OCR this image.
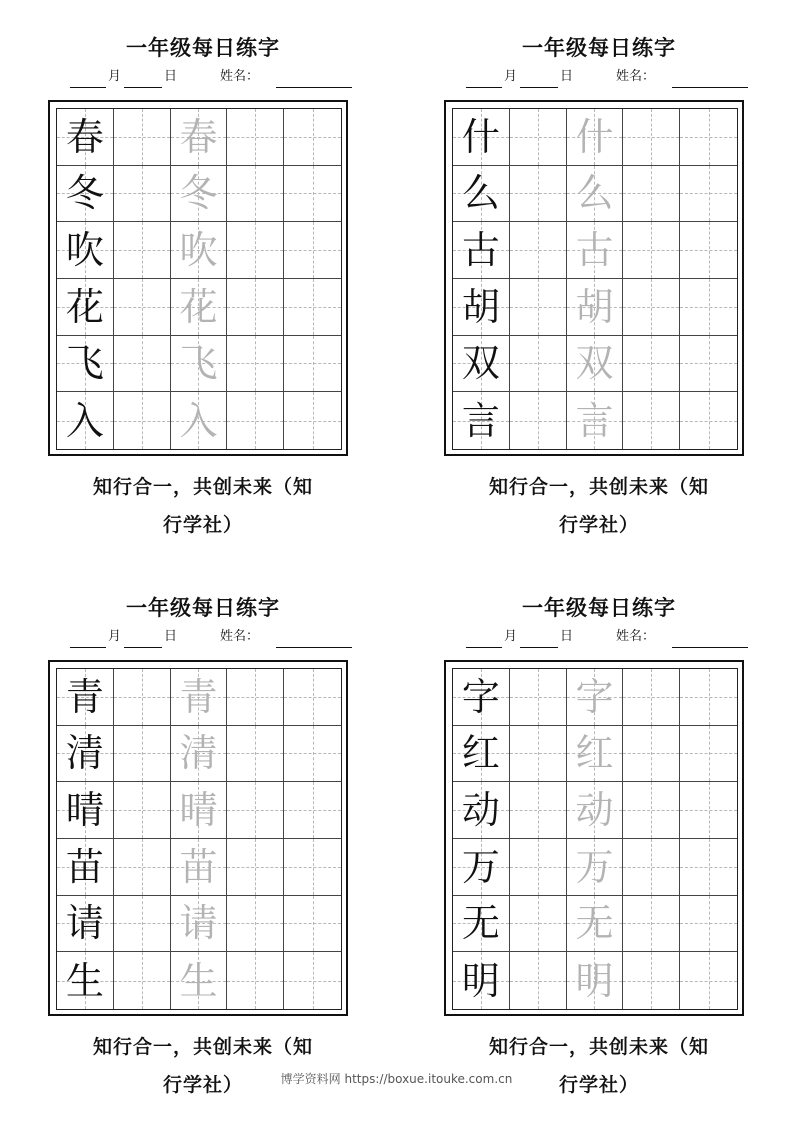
一年级每日练字
月	日	姓名：
春 春
冬 冬
吹 吹
花 花
飞 飞
入 入
知行合一，共创未来（知
行学社）
一年级每日练字
月	日	姓名：
什 什
么 么
古 古
胡 胡
双 双
言 言
知行合一，共创未来（知
行学社）
一年级每日练字
月	日	姓名：
青 青
清 清
晴 晴
苗 苗
请 请
生 生
知行合一，共创未来（知
行学社）
一年级每日练字
月	日	姓名：
字 字
红 红
动 动
万 万
无 无
明 明
知行合一，共创未来（知
行学社）
博学资料网 https://boxue.itouke.com.cn
